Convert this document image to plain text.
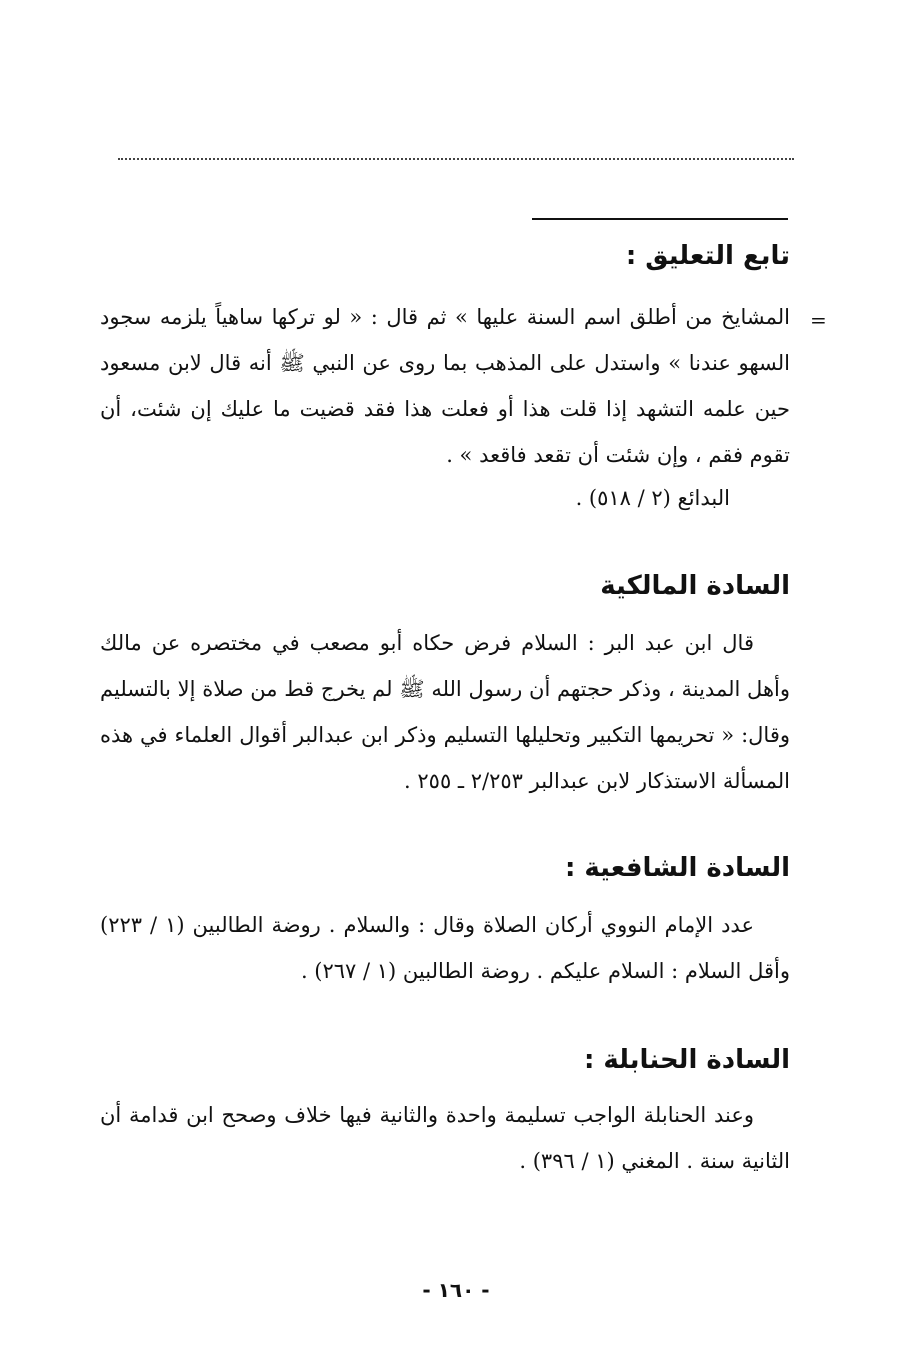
تابع التعليق :
=
المشايخ من أطلق اسم السنة عليها » ثم قال : « لو تركها ساهياً يلزمه سجود السهو عندنا » واستدل على المذهب بما روى عن النبي ﷺ أنه قال لابن مسعود حين علمه التشهد إذا قلت هذا أو فعلت هذا فقد قضيت ما عليك إن شئت، أن تقوم فقم ، وإن شئت أن تقعد فاقعد » .
البدائع (٢ / ٥١٨) .
السادة المالكية
قال ابن عبد البر : السلام فرض حكاه أبو مصعب في مختصره عن مالك وأهل المدينة ، وذكر حجتهم أن رسول الله ﷺ لم يخرج قط من صلاة إلا بالتسليم وقال: « تحريمها التكبير وتحليلها التسليم وذكر ابن عبدالبر أقوال العلماء في هذه المسألة الاستذكار لابن عبدالبر ٢/٢٥٣ ـ ٢٥٥ .
السادة الشافعية :
عدد الإمام النووي أركان الصلاة وقال : والسلام . روضة الطالبين (١ / ٢٢٣) وأقل السلام : السلام عليكم . روضة الطالبين (١ / ٢٦٧) .
السادة الحنابلة :
وعند الحنابلة الواجب تسليمة واحدة والثانية فيها خلاف وصحح ابن قدامة أن الثانية سنة . المغني (١ / ٣٩٦) .
- ١٦٠ -
